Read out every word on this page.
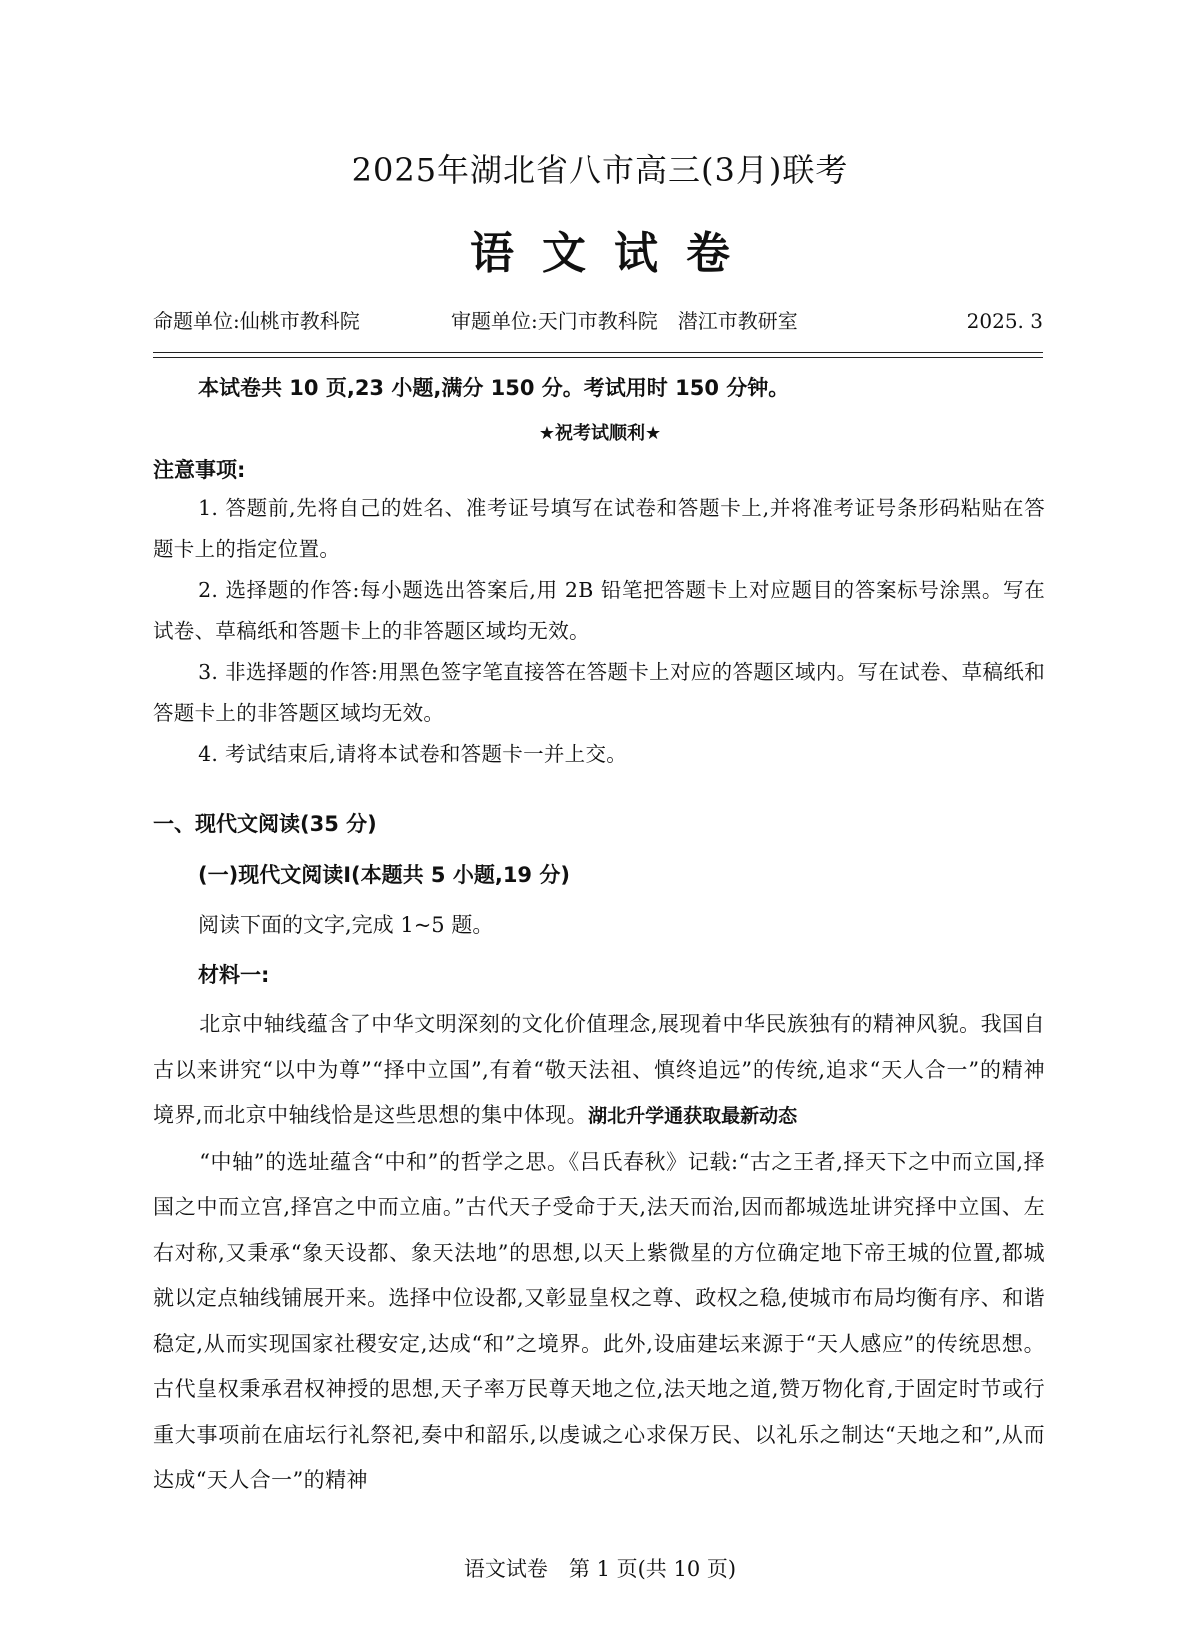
2025年湖北省八市高三(3月)联考
语 文 试 卷
命题单位:仙桃市教科院	审题单位:天门市教科院　潜江市教研室	2025. 3
本试卷共 10 页,23 小题,满分 150 分。考试用时 150 分钟。
★祝考试顺利★
注意事项:

1. 答题前,先将自己的姓名、准考证号填写在试卷和答题卡上,并将准考证号条形码粘贴在答题卡上的指定位置。

2. 选择题的作答:每小题选出答案后,用 2B 铅笔把答题卡上对应题目的答案标号涂黑。写在试卷、草稿纸和答题卡上的非答题区域均无效。

3. 非选择题的作答:用黑色签字笔直接答在答题卡上对应的答题区域内。写在试卷、草稿纸和答题卡上的非答题区域均无效。

4. 考试结束后,请将本试卷和答题卡一并上交。

一、现代文阅读(35 分)
(一)现代文阅读Ⅰ(本题共 5 小题,19 分)
阅读下面的文字,完成 1~5 题。
材料一:

北京中轴线蕴含了中华文明深刻的文化价值理念,展现着中华民族独有的精神风貌。我国自古以来讲究“以中为尊”“择中立国”,有着“敬天法祖、慎终追远”的传统,追求“天人合一”的精神境界,而北京中轴线恰是这些思想的集中体现。湖北升学通获取最新动态

“中轴”的选址蕴含“中和”的哲学之思。《吕氏春秋》记载:“古之王者,择天下之中而立国,择国之中而立宫,择宫之中而立庙。”古代天子受命于天,法天而治,因而都城选址讲究择中立国、左右对称,又秉承“象天设都、象天法地”的思想,以天上紫微星的方位确定地下帝王城的位置,都城就以定点轴线铺展开来。选择中位设都,又彰显皇权之尊、政权之稳,使城市布局均衡有序、和谐稳定,从而实现国家社稷安定,达成“和”之境界。此外,设庙建坛来源于“天人感应”的传统思想。古代皇权秉承君权神授的思想,天子率万民尊天地之位,法天地之道,赞万物化育,于固定时节或行重大事项前在庙坛行礼祭祀,奏中和韶乐,以虔诚之心求保万民、以礼乐之制达“天地之和”,从而达成“天人合一”的精神

语文试卷　第 1 页(共 10 页)
